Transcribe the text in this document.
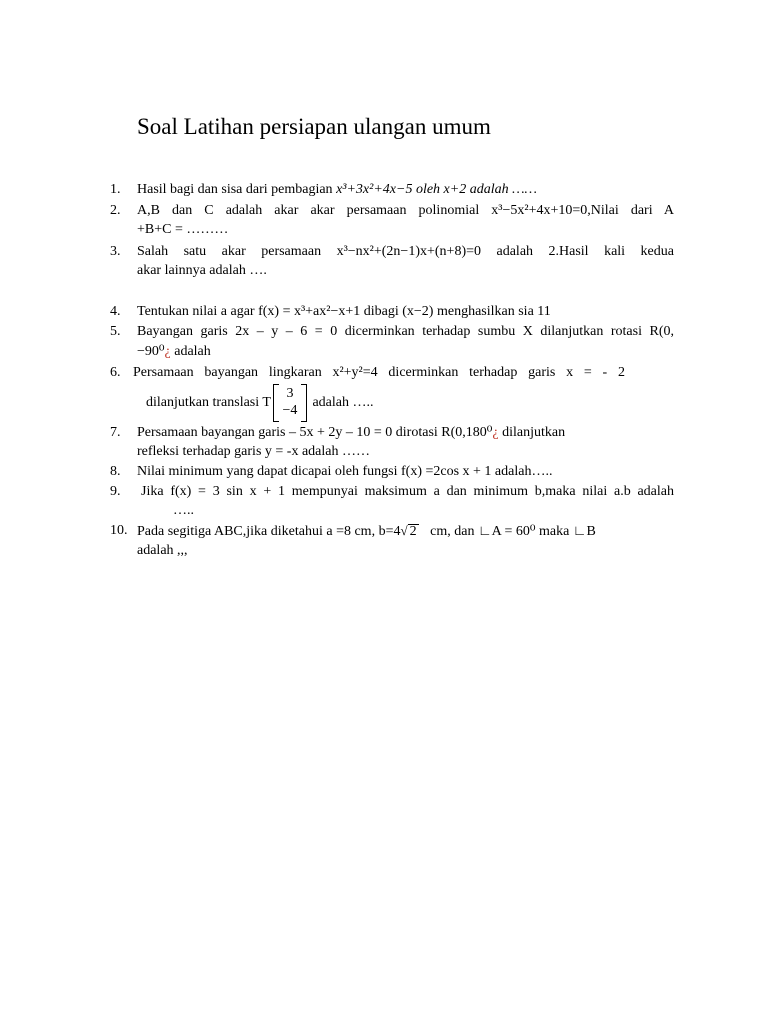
Soal Latihan persiapan ulangan umum
1. Hasil bagi dan sisa dari pembagian x³+3x²+4x−5 oleh x+2 adalah ……
2. A,B dan C adalah akar akar persamaan polinomial x³−5x²+4x+10=0,Nilai dari A
+B+C = ………
3. Salah satu akar persamaan x³−nx²+(2n−1)x+(n+8)=0 adalah 2.Hasil kali kedua
akar lainnya adalah ….
4. Tentukan nilai a agar f(x) = x³+ax²−x+1 dibagi (x−2) menghasilkan sia 11
5. Bayangan garis 2x – y – 6 = 0 dicerminkan terhadap sumbu X dilanjutkan rotasi R(0,
−90⁰¿ adalah
6. Persamaan bayangan lingkaran x²+y²=4 dicerminkan terhadap garis x = - 2
dilanjutkan translasi T
3
−4
adalah …..
7. Persamaan bayangan garis – 5x + 2y – 10 = 0 dirotasi R(0,180⁰¿ dilanjutkan
refleksi terhadap garis y = -x adalah ……
8. Nilai minimum yang dapat dicapai oleh fungsi f(x) =2cos x + 1 adalah…..
9. Jika f(x) = 3 sin x + 1 mempunyai maksimum a dan minimum b,maka nilai a.b adalah
…..
10. Pada segitiga ABC,jika diketahui a =8 cm, b=4√ 2 cm, dan ∟A = 60⁰ maka ∟B
adalah ,,,
